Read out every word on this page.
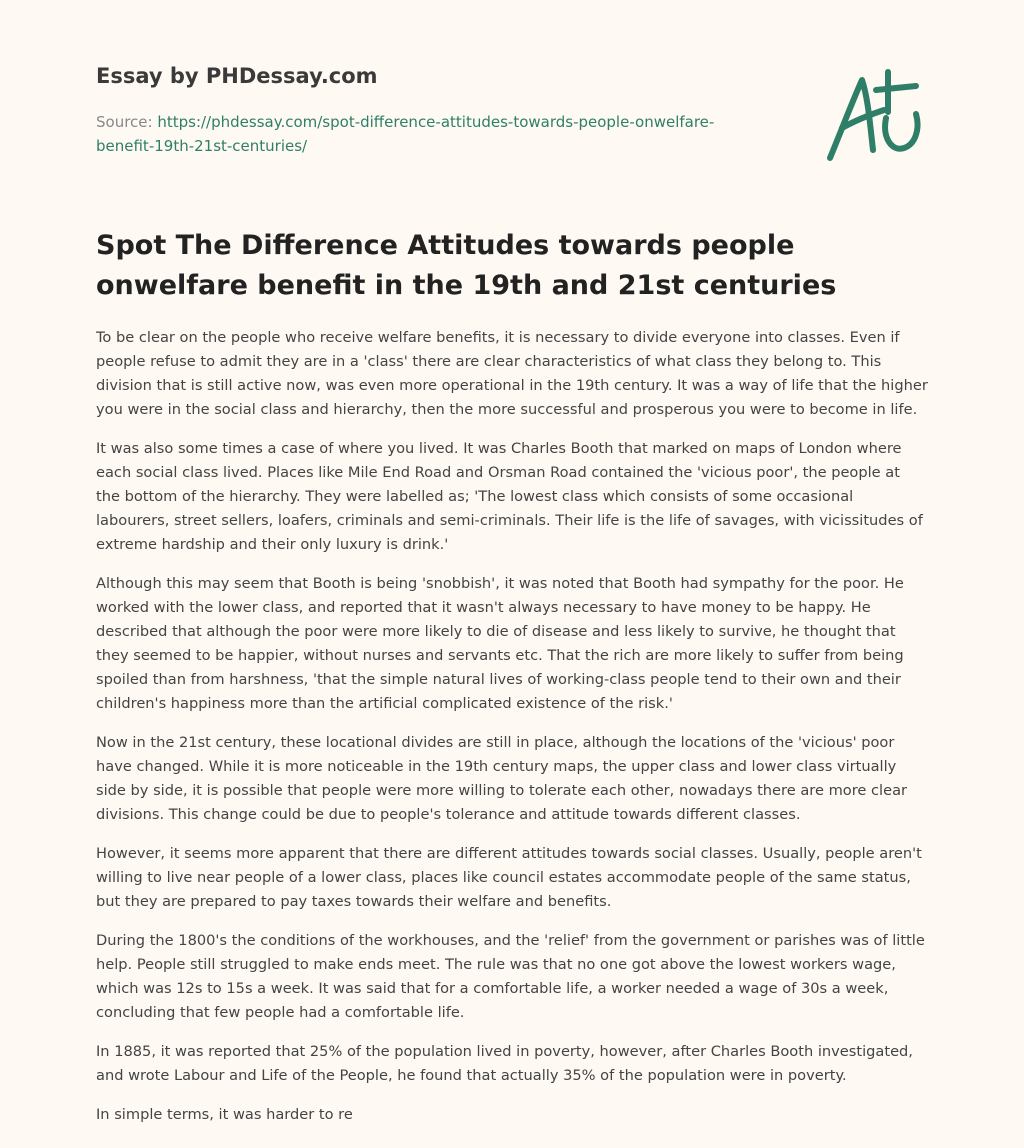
Essay by PHDessay.com
Source: https://phdessay.com/spot-difference-attitudes-towards-people-onwelfare-benefit-19th-21st-centuries/
Spot The Difference Attitudes towards people onwelfare benefit in the 19th and 21st centuries

To be clear on the people who receive welfare benefits, it is necessary to divide everyone into classes. Even if people refuse to admit they are in a 'class' there are clear characteristics of what class they belong to. This division that is still active now, was even more operational in the 19th century. It was a way of life that the higher you were in the social class and hierarchy, then the more successful and prosperous you were to become in life.

It was also some times a case of where you lived. It was Charles Booth that marked on maps of London where each social class lived. Places like Mile End Road and Orsman Road contained the 'vicious poor', the people at the bottom of the hierarchy. They were labelled as; 'The lowest class which consists of some occasional labourers, street sellers, loafers, criminals and semi-criminals. Their life is the life of savages, with vicissitudes of extreme hardship and their only luxury is drink.'

Although this may seem that Booth is being 'snobbish', it was noted that Booth had sympathy for the poor. He worked with the lower class, and reported that it wasn't always necessary to have money to be happy. He described that although the poor were more likely to die of disease and less likely to survive, he thought that they seemed to be happier, without nurses and servants etc. That the rich are more likely to suffer from being spoiled than from harshness, 'that the simple natural lives of working-class people tend to their own and their children's happiness more than the artificial complicated existence of the risk.'

Now in the 21st century, these locational divides are still in place, although the locations of the 'vicious' poor have changed. While it is more noticeable in the 19th century maps, the upper class and lower class virtually side by side, it is possible that people were more willing to tolerate each other, nowadays there are more clear divisions. This change could be due to people's tolerance and attitude towards different classes.

However, it seems more apparent that there are different attitudes towards social classes. Usually, people aren't willing to live near people of a lower class, places like council estates accommodate people of the same status, but they are prepared to pay taxes towards their welfare and benefits.

During the 1800's the conditions of the workhouses, and the 'relief' from the government or parishes was of little help. People still struggled to make ends meet. The rule was that no one got above the lowest workers wage, which was 12s to 15s a week. It was said that for a comfortable life, a worker needed a wage of 30s a week, concluding that few people had a comfortable life.

In 1885, it was reported that 25% of the population lived in poverty, however, after Charles Booth investigated, and wrote Labour and Life of the People, he found that actually 35% of the population were in poverty.

In simple terms, it was harder to re
